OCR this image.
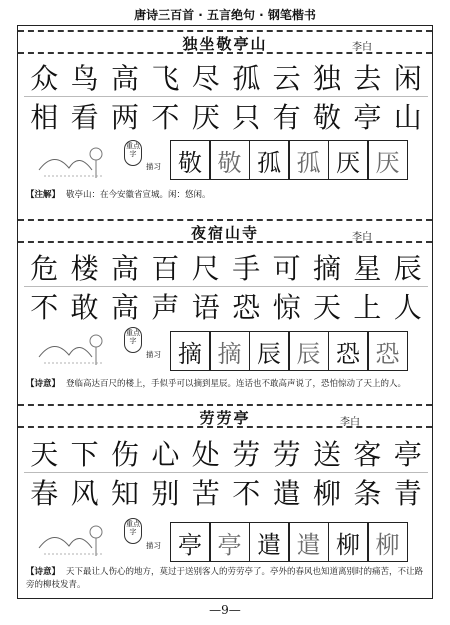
唐诗三百首 · 五言绝句 · 钢笔楷书
独坐敬亭山	李白
众 鸟 高 飞 尽 孤 云 独 去 闲
相 看 两 不 厌 只 有 敬 亭 山
重点字
描习 敬 敬 孤 孤 厌 厌
【注解】 敬亭山：在今安徽省宣城。闲：悠闲。
夜宿山寺	李白
危 楼 高 百 尺 手 可 摘 星 辰
不 敢 高 声 语 恐 惊 天 上 人
重点字
描习 摘 摘 辰 辰 恐 恐
【诗意】 登临高达百尺的楼上，手似乎可以摘到星辰。连话也不敢高声说了，恐怕惊动了天上的人。
劳劳亭	李白
天 下 伤 心 处 劳 劳 送 客 亭
春 风 知 别 苦 不 遣 柳 条 青
重点字
描习 亭 亭 遣 遣 柳 柳
【诗意】 天下最让人伤心的地方，莫过于送别客人的劳劳亭了。亭外的春风也知道离别时的痛苦，不让路旁的柳枝发青。
—9—
